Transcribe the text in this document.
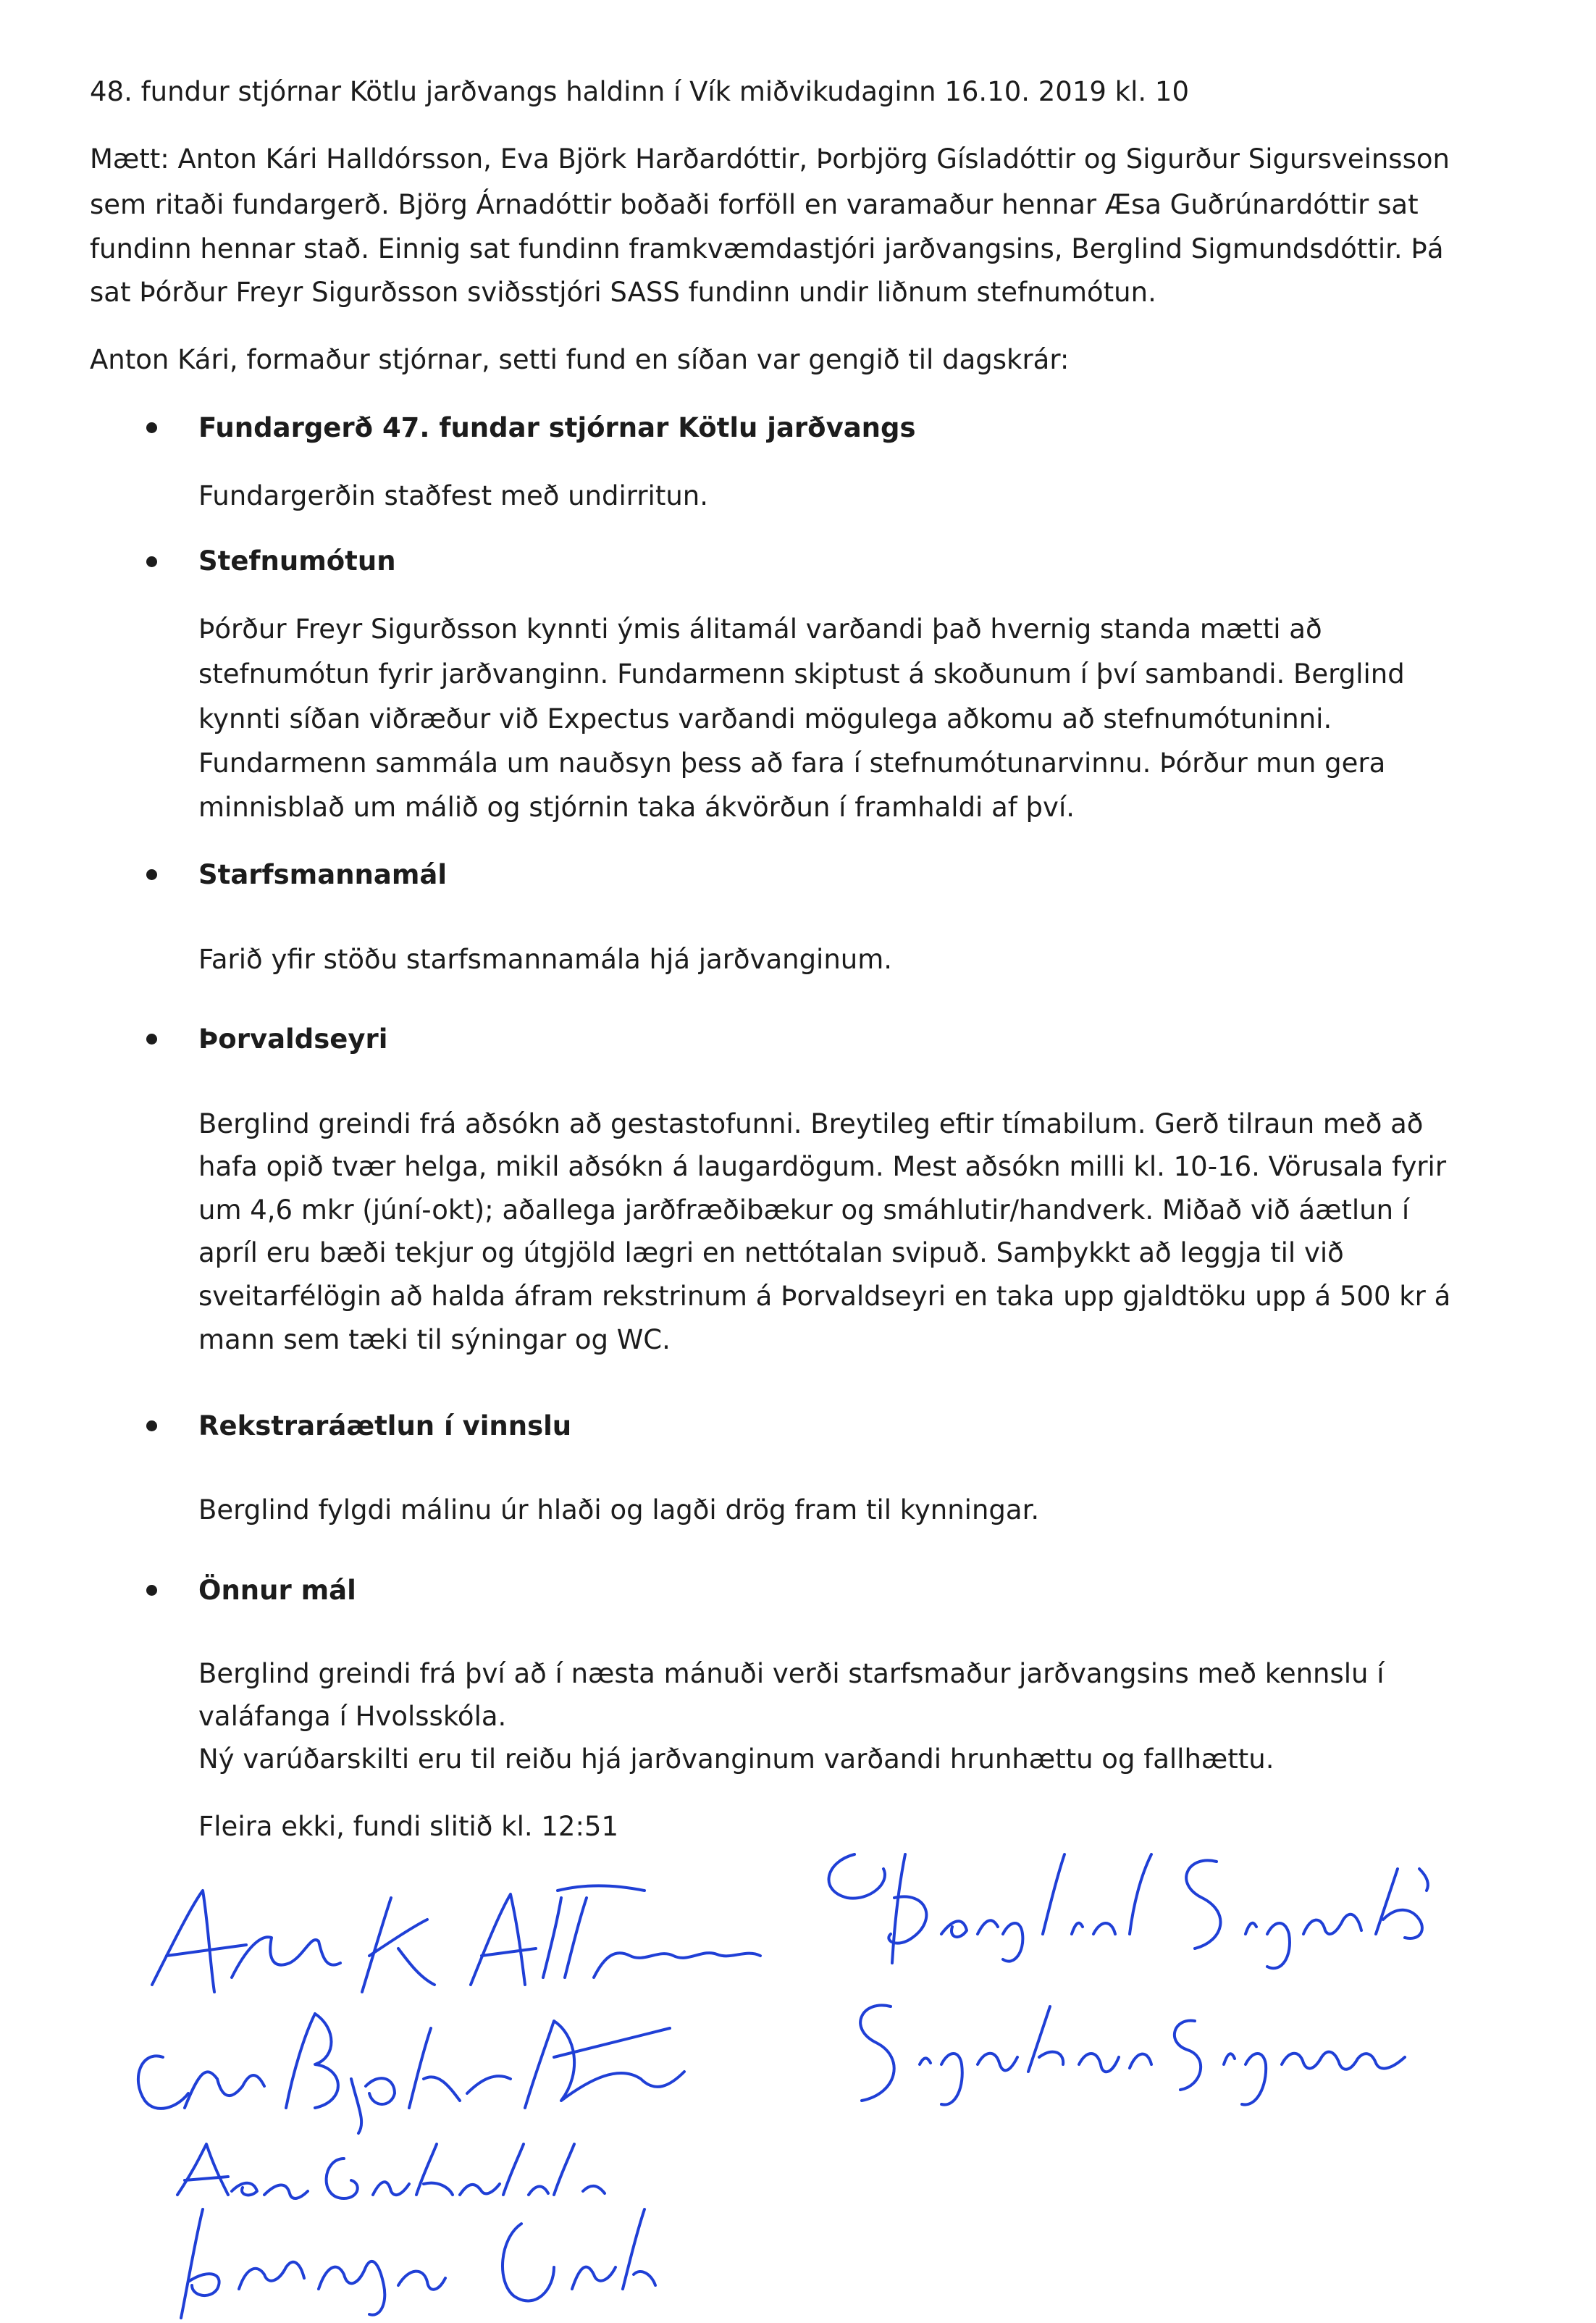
48. fundur stjórnar Kötlu jarðvangs haldinn í Vík miðvikudaginn 16.10. 2019 kl. 10

Mætt: Anton Kári Halldórsson, Eva Björk Harðardóttir, Þorbjörg Gísladóttir og Sigurður Sigursveinsson

sem ritaði fundargerð. Björg Árnadóttir boðaði forföll en varamaður hennar Æsa Guðrúnardóttir sat

fundinn hennar stað. Einnig sat fundinn framkvæmdastjóri jarðvangsins, Berglind Sigmundsdóttir. Þá

sat Þórður Freyr Sigurðsson sviðsstjóri SASS fundinn undir liðnum stefnumótun.

Anton Kári, formaður stjórnar, setti fund en síðan var gengið til dagskrár:

Fundargerð 47. fundar stjórnar Kötlu jarðvangs

Fundargerðin staðfest með undirritun.

Stefnumótun

Þórður Freyr Sigurðsson kynnti ýmis álitamál varðandi það hvernig standa mætti að

stefnumótun fyrir jarðvanginn. Fundarmenn skiptust á skoðunum í því sambandi. Berglind

kynnti síðan viðræður við Expectus varðandi mögulega aðkomu að stefnumótuninni.

Fundarmenn sammála um nauðsyn þess að fara í stefnumótunarvinnu. Þórður mun gera

minnisblað um málið og stjórnin taka ákvörðun í framhaldi af því.

Starfsmannamál

Farið yfir stöðu starfsmannamála hjá jarðvanginum.

Þorvaldseyri

Berglind greindi frá aðsókn að gestastofunni. Breytileg eftir tímabilum. Gerð tilraun með að

hafa opið tvær helga, mikil aðsókn á laugardögum. Mest aðsókn milli kl. 10-16. Vörusala fyrir

um 4,6 mkr (júní-okt); aðallega jarðfræðibækur og smáhlutir/handverk. Miðað við áætlun í

apríl eru bæði tekjur og útgjöld lægri en nettótalan svipuð. Samþykkt að leggja til við

sveitarfélögin að halda áfram rekstrinum á Þorvaldseyri en taka upp gjaldtöku upp á 500 kr á

mann sem tæki til sýningar og WC.

Rekstraráætlun í vinnslu

Berglind fylgdi málinu úr hlaði og lagði drög fram til kynningar.

Önnur mál

Berglind greindi frá því að í næsta mánuði verði starfsmaður jarðvangsins með kennslu í

valáfanga í Hvolsskóla.

Ný varúðarskilti eru til reiðu hjá jarðvanginum varðandi hrunhættu og fallhættu.

Fleira ekki, fundi slitið kl. 12:51
